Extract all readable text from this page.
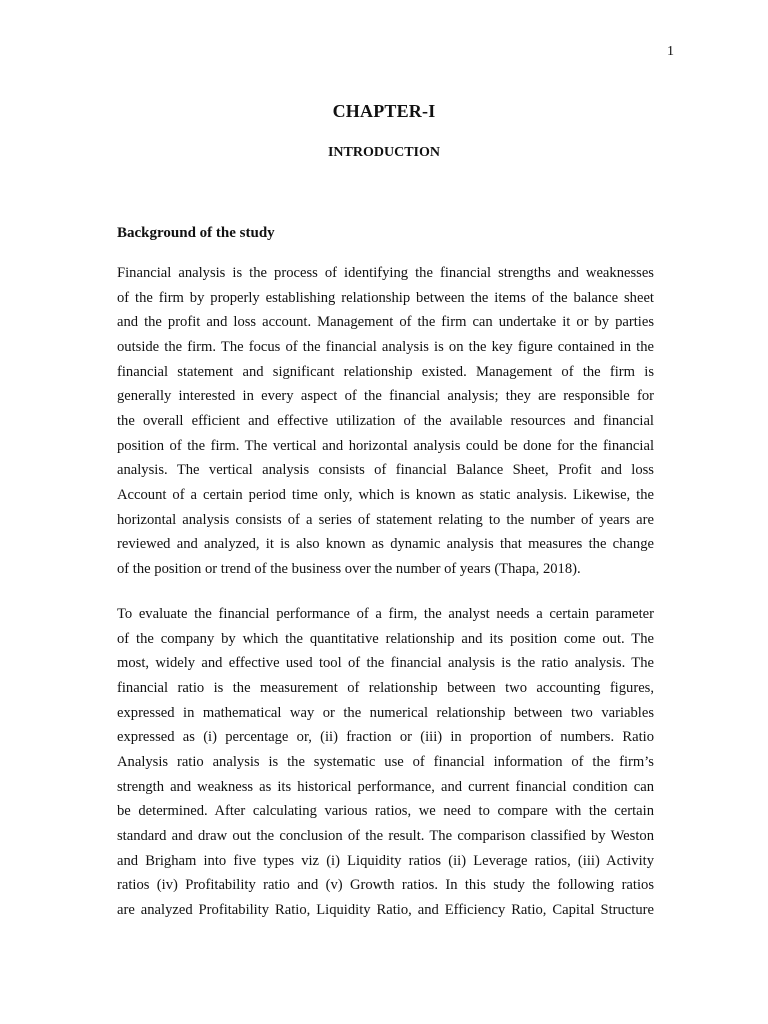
1
CHAPTER-I
INTRODUCTION
Background of the study
Financial analysis is the process of identifying the financial strengths and weaknesses
of the firm by properly establishing relationship between the items of the balance sheet
and the profit and loss account. Management of the firm can undertake it or by parties
outside the firm. The focus of the financial analysis is on the key figure contained in the
financial statement and significant relationship existed. Management of the firm is
generally interested in every aspect of the financial analysis; they are responsible for
the overall efficient and effective utilization of the available resources and financial
position of the firm. The vertical and horizontal analysis could be done for the financial
analysis. The vertical analysis consists of financial Balance Sheet, Profit and loss
Account of a certain period time only, which is known as static analysis. Likewise, the
horizontal analysis consists of a series of statement relating to the number of years are
reviewed and analyzed, it is also known as dynamic analysis that measures the change
of the position or trend of the business over the number of years (Thapa, 2018).
To evaluate the financial performance of a firm, the analyst needs a certain parameter
of the company by which the quantitative relationship and its position come out. The
most, widely and effective used tool of the financial analysis is the ratio analysis. The
financial ratio is the measurement of relationship between two accounting figures,
expressed in mathematical way or the numerical relationship between two variables
expressed as (i) percentage or, (ii) fraction or (iii) in proportion of numbers. Ratio
Analysis ratio analysis is the systematic use of financial information of the firm’s
strength and weakness as its historical performance, and current financial condition can
be determined. After calculating various ratios, we need to compare with the certain
standard and draw out the conclusion of the result. The comparison classified by Weston
and Brigham into five types viz (i) Liquidity ratios (ii) Leverage ratios, (iii) Activity
ratios (iv) Profitability ratio and (v) Growth ratios. In this study the following ratios
are analyzed Profitability Ratio, Liquidity Ratio, and Efficiency Ratio, Capital Structure
